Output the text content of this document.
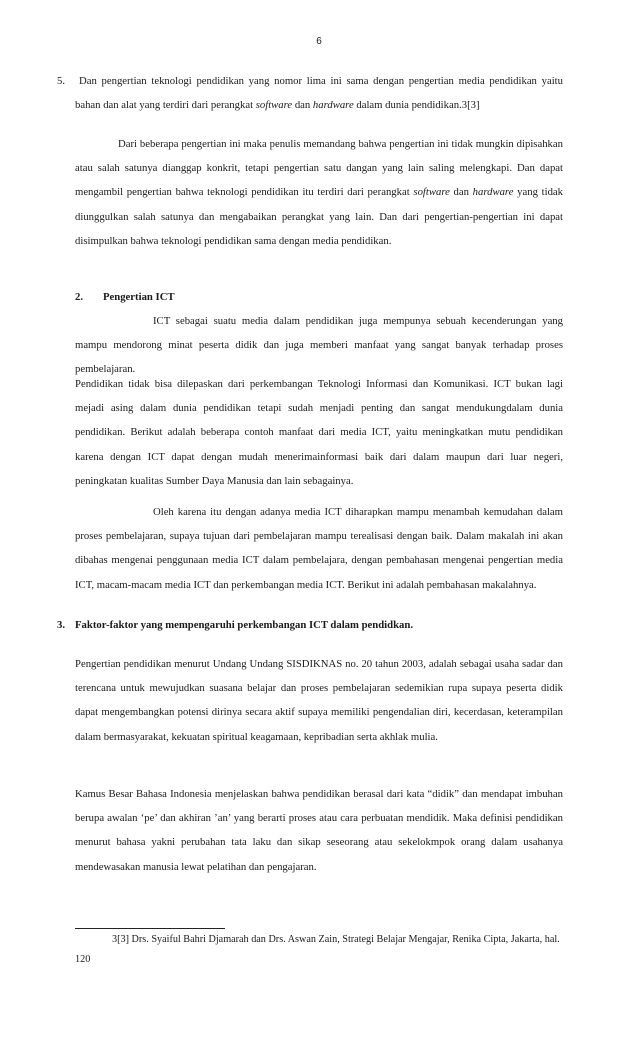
6
5.	Dan pengertian teknologi pendidikan yang nomor lima ini sama dengan pengertian media pendidikan yaitu bahan dan alat yang terdiri dari perangkat software dan hardware dalam dunia pendidikan.3[3]

Dari beberapa pengertian ini maka penulis memandang bahwa pengertian ini tidak mungkin dipisahkan atau salah satunya dianggap konkrit, tetapi pengertian satu dangan yang lain saling melengkapi. Dan dapat mengambil pengertian bahwa teknologi pendidikan itu terdiri dari perangkat software dan hardware yang tidak diunggulkan salah satunya dan mengabaikan perangkat yang lain. Dan dari pengertian-pengertian ini dapat disimpulkan bahwa teknologi pendidikan sama dengan media pendidikan.

2. Pengertian ICT

ICT sebagai suatu media dalam pendidikan juga mempunya sebuah kecenderungan yang mampu mendorong minat peserta didik dan juga memberi manfaat yang sangat banyak terhadap proses pembelajaran.

Pendidikan tidak bisa dilepaskan dari perkembangan Teknologi Informasi dan Komunikasi. ICT bukan lagi mejadi asing dalam dunia pendidikan tetapi sudah menjadi penting dan sangat mendukungdalam dunia pendidikan. Berikut adalah beberapa contoh manfaat dari media ICT, yaitu meningkatkan mutu pendidikan karena dengan ICT dapat dengan mudah menerimainformasi baik dari dalam maupun dari luar negeri, peningkatan kualitas Sumber Daya Manusia dan lain sebagainya.

Oleh karena itu dengan adanya media ICT diharapkan mampu menambah kemudahan dalam proses pembelajaran, supaya tujuan dari pembelajaran mampu terealisasi dengan baik. Dalam makalah ini akan dibahas mengenai penggunaan media ICT dalam pembelajara, dengan pembahasan mengenai pengertian media ICT, macam-macam media ICT dan perkembangan media ICT. Berikut ini adalah pembahasan makalahnya.

3. Faktor-faktor yang mempengaruhi perkembangan ICT dalam pendidkan.

Pengertian pendidikan menurut Undang Undang SISDIKNAS no. 20 tahun 2003, adalah sebagai usaha sadar dan terencana untuk mewujudkan suasana belajar dan proses pembelajaran sedemikian rupa supaya peserta didik dapat mengembangkan potensi dirinya secara aktif supaya memiliki pengendalian diri, kecerdasan, keterampilan dalam bermasyarakat, kekuatan spiritual keagamaan, kepribadian serta akhlak mulia.

Kamus Besar Bahasa Indonesia menjelaskan bahwa pendidikan berasal dari kata “didik” dan mendapat imbuhan berupa awalan ‘pe’ dan akhiran ’an’ yang berarti proses atau cara perbuatan mendidik. Maka definisi pendidikan menurut bahasa yakni perubahan tata laku dan sikap seseorang atau sekelokmpok orang dalam usahanya mendewasakan manusia lewat pelatihan dan pengajaran.

3[3] Drs. Syaiful Bahri Djamarah dan Drs. Aswan Zain, Strategi Belajar Mengajar, Renika Cipta, Jakarta, hal. 120
